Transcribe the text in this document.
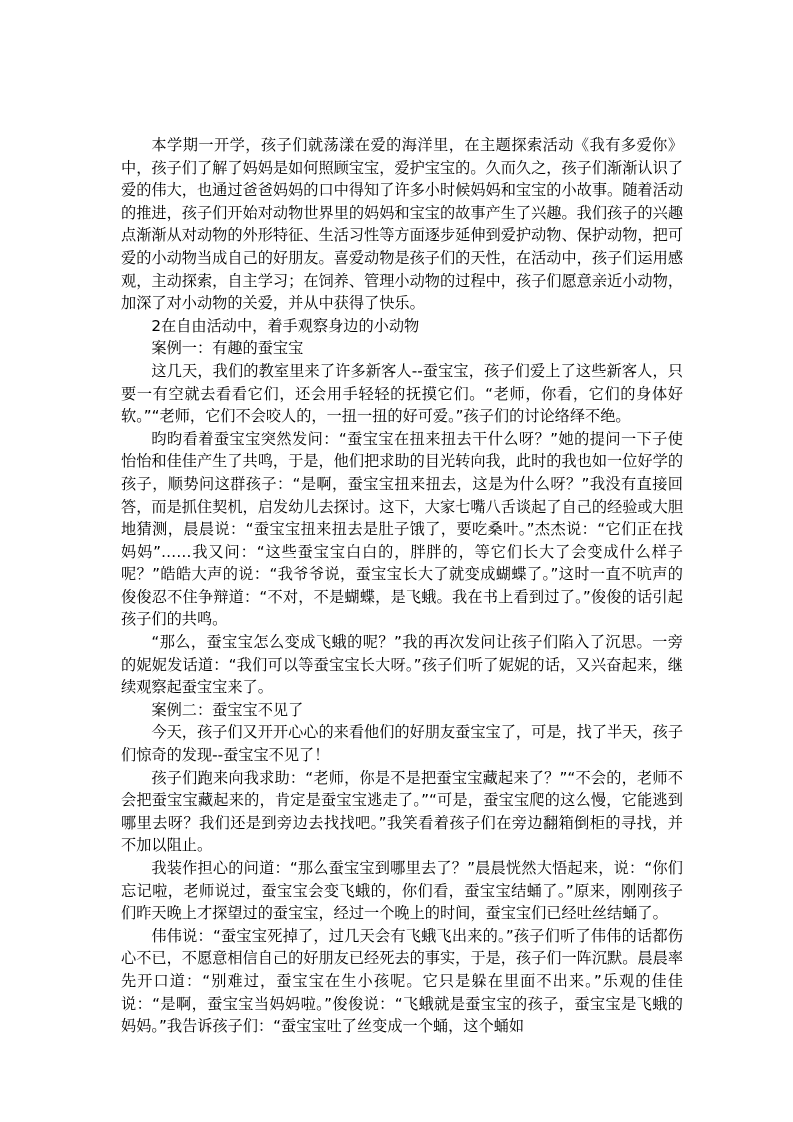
本学期一开学，孩子们就荡漾在爱的海洋里，在主题探索活动《我有多爱你》中，孩子们了解了妈妈是如何照顾宝宝，爱护宝宝的。久而久之，孩子们渐渐认识了爱的伟大，也通过爸爸妈妈的口中得知了许多小时候妈妈和宝宝的小故事。随着活动的推进，孩子们开始对动物世界里的妈妈和宝宝的故事产生了兴趣。我们孩子的兴趣点渐渐从对动物的外形特征、生活习性等方面逐步延伸到爱护动物、保护动物，把可爱的小动物当成自己的好朋友。喜爱动物是孩子们的天性，在活动中，孩子们运用感观，主动探索，自主学习；在饲养、管理小动物的过程中，孩子们愿意亲近小动物，加深了对小动物的关爱，并从中获得了快乐。

2在自由活动中，着手观察身边的小动物

案例一：有趣的蚕宝宝

这几天，我们的教室里来了许多新客人--蚕宝宝，孩子们爱上了这些新客人，只要一有空就去看看它们，还会用手轻轻的抚摸它们。“老师，你看，它们的身体好软。”“老师，它们不会咬人的，一扭一扭的好可爱。”孩子们的讨论络绎不绝。

昀昀看着蚕宝宝突然发问：“蚕宝宝在扭来扭去干什么呀？”她的提问一下子使怡怡和佳佳产生了共鸣，于是，他们把求助的目光转向我，此时的我也如一位好学的孩子，顺势问这群孩子：“是啊，蚕宝宝扭来扭去，这是为什么呀？”我没有直接回答，而是抓住契机，启发幼儿去探讨。这下，大家七嘴八舌谈起了自己的经验或大胆地猜测，晨晨说：“蚕宝宝扭来扭去是肚子饿了，要吃桑叶。”杰杰说：“它们正在找妈妈”……我又问：“这些蚕宝宝白白的，胖胖的，等它们长大了会变成什么样子呢？”皓皓大声的说：“我爷爷说，蚕宝宝长大了就变成蝴蝶了。”这时一直不吭声的俊俊忍不住争辩道：“不对，不是蝴蝶，是飞蛾。我在书上看到过了。”俊俊的话引起孩子们的共鸣。

“那么，蚕宝宝怎么变成飞蛾的呢？”我的再次发问让孩子们陷入了沉思。一旁的妮妮发话道：“我们可以等蚕宝宝长大呀。”孩子们听了妮妮的话，又兴奋起来，继续观察起蚕宝宝来了。

案例二：蚕宝宝不见了

今天，孩子们又开开心心的来看他们的好朋友蚕宝宝了，可是，找了半天，孩子们惊奇的发现--蚕宝宝不见了！

孩子们跑来向我求助：“老师，你是不是把蚕宝宝藏起来了？”“不会的，老师不会把蚕宝宝藏起来的，肯定是蚕宝宝逃走了。”“可是，蚕宝宝爬的这么慢，它能逃到哪里去呀？我们还是到旁边去找找吧。”我笑看着孩子们在旁边翻箱倒柜的寻找，并不加以阻止。

我装作担心的问道：“那么蚕宝宝到哪里去了？”晨晨恍然大悟起来，说：“你们忘记啦，老师说过，蚕宝宝会变飞蛾的，你们看，蚕宝宝结蛹了。”原来，刚刚孩子们昨天晚上才探望过的蚕宝宝，经过一个晚上的时间，蚕宝宝们已经吐丝结蛹了。

伟伟说：“蚕宝宝死掉了，过几天会有飞蛾飞出来的。”孩子们听了伟伟的话都伤心不已，不愿意相信自己的好朋友已经死去的事实，于是，孩子们一阵沉默。晨晨率先开口道：“别难过，蚕宝宝在生小孩呢。它只是躲在里面不出来。”乐观的佳佳说：“是啊，蚕宝宝当妈妈啦。”俊俊说：“飞蛾就是蚕宝宝的孩子，蚕宝宝是飞蛾的妈妈。”我告诉孩子们：“蚕宝宝吐了丝变成一个蛹，这个蛹如
